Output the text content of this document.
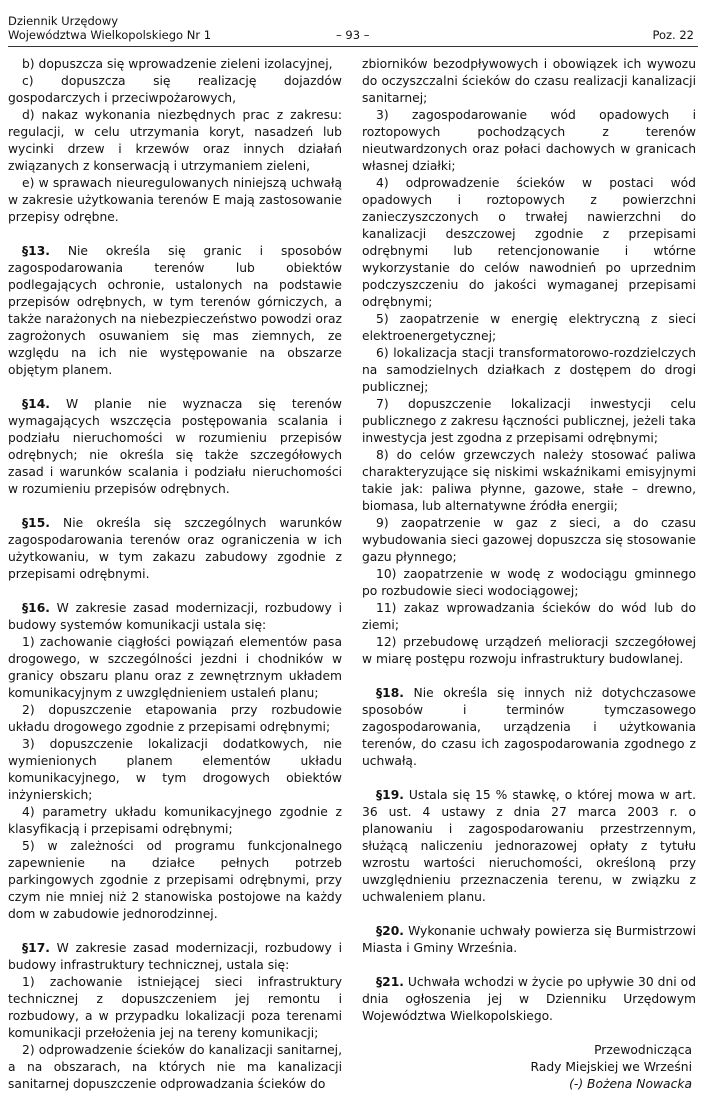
Dziennik Urzędowy
Województwa Wielkopolskiego Nr 1	– 93 –	Poz. 22

b) dopuszcza się wprowadzenie zieleni izolacyjnej,

c) dopuszcza się realizację dojazdów gospodarczych i przeciwpożarowych,

d) nakaz wykonania niezbędnych prac z zakresu: regulacji, w celu utrzymania koryt, nasadzeń lub wycinki drzew i krzewów oraz innych działań związanych z konserwacją i utrzymaniem zieleni,

e) w sprawach nieuregulowanych niniejszą uchwałą w zakresie użytkowania terenów E mają zastosowanie przepisy odrębne.

§13. Nie określa się granic i sposobów zagospodarowania terenów lub obiektów podlegających ochronie, ustalonych na podstawie przepisów odrębnych, w tym terenów górniczych, a także narażonych na niebezpieczeństwo powodzi oraz zagrożonych osuwaniem się mas ziemnych, ze względu na ich nie występowanie na obszarze objętym planem.

§14. W planie nie wyznacza się terenów wymagających wszczęcia postępowania scalania i podziału nieruchomości w rozumieniu przepisów odrębnych; nie określa się także szczegółowych zasad i warunków scalania i podziału nieruchomości w rozumieniu przepisów odrębnych.

§15. Nie określa się szczególnych warunków zagospodarowania terenów oraz ograniczenia w ich użytkowaniu, w tym zakazu zabudowy zgodnie z przepisami odrębnymi.

§16. W zakresie zasad modernizacji, rozbudowy i budowy systemów komunikacji ustala się:

1) zachowanie ciągłości powiązań elementów pasa drogowego, w szczególności jezdni i chodników w granicy obszaru planu oraz z zewnętrznym układem komunikacyjnym z uwzględnieniem ustaleń planu;

2) dopuszczenie etapowania przy rozbudowie układu drogowego zgodnie z przepisami odrębnymi;

3) dopuszczenie lokalizacji dodatkowych, nie wymienionych planem elementów układu komunikacyjnego, w tym drogowych obiektów inżynierskich;

4) parametry układu komunikacyjnego zgodnie z klasyfikacją i przepisami odrębnymi;

5) w zależności od programu funkcjonalnego zapewnienie na działce pełnych potrzeb parkingowych zgodnie z przepisami odrębnymi, przy czym nie mniej niż 2 stanowiska postojowe na każdy dom w zabudowie jednorodzinnej.

§17. W zakresie zasad modernizacji, rozbudowy i budowy infrastruktury technicznej, ustala się:

1) zachowanie istniejącej sieci infrastruktury technicznej z dopuszczeniem jej remontu i rozbudowy, a w przypadku lokalizacji poza terenami komunikacji przełożenia jej na tereny komunikacji;

2) odprowadzenie ścieków do kanalizacji sanitarnej, a na obszarach, na których nie ma kanalizacji sanitarnej dopuszczenie odprowadzania ścieków do

zbiorników bezodpływowych i obowiązek ich wywozu do oczyszczalni ścieków do czasu realizacji kanalizacji sanitarnej;

3) zagospodarowanie wód opadowych i roztopowych pochodzących z terenów nieutwardzonych oraz połaci dachowych w granicach własnej działki;

4) odprowadzenie ścieków w postaci wód opadowych i roztopowych z powierzchni zanieczyszczonych o trwałej nawierzchni do kanalizacji deszczowej zgodnie z przepisami odrębnymi lub retencjonowanie i wtórne wykorzystanie do celów nawodnień po uprzednim podczyszczeniu do jakości wymaganej przepisami odrębnymi;

5) zaopatrzenie w energię elektryczną z sieci elektroenergetycznej;

6) lokalizacja stacji transformatorowo-rozdzielczych na samodzielnych działkach z dostępem do drogi publicznej;

7) dopuszczenie lokalizacji inwestycji celu publicznego z zakresu łączności publicznej, jeżeli taka inwestycja jest zgodna z przepisami odrębnymi;

8) do celów grzewczych należy stosować paliwa charakteryzujące się niskimi wskaźnikami emisyjnymi takie jak: paliwa płynne, gazowe, stałe – drewno, biomasa, lub alternatywne źródła energii;

9) zaopatrzenie w gaz z sieci, a do czasu wybudowania sieci gazowej dopuszcza się stosowanie gazu płynnego;

10) zaopatrzenie w wodę z wodociągu gminnego po rozbudowie sieci wodociągowej;

11) zakaz wprowadzania ścieków do wód lub do ziemi;

12) przebudowę urządzeń melioracji szczegółowej w miarę postępu rozwoju infrastruktury budowlanej.

§18. Nie określa się innych niż dotychczasowe sposobów i terminów tymczasowego zagospodarowania, urządzenia i użytkowania terenów, do czasu ich zagospodarowania zgodnego z uchwałą.

§19. Ustala się 15 % stawkę, o której mowa w art. 36 ust. 4 ustawy z dnia 27 marca 2003 r. o planowaniu i zagospodarowaniu przestrzennym, służącą naliczeniu jednorazowej opłaty z tytułu wzrostu wartości nieruchomości, określoną przy uwzględnieniu przeznaczenia terenu, w związku z uchwaleniem planu.

§20. Wykonanie uchwały powierza się Burmistrzowi Miasta i Gminy Września.

§21. Uchwała wchodzi w życie po upływie 30 dni od dnia ogłoszenia jej w Dzienniku Urzędowym Województwa Wielkopolskiego.

Przewodnicząca
Rady Miejskiej we Wrześni
(-) Bożena Nowacka
